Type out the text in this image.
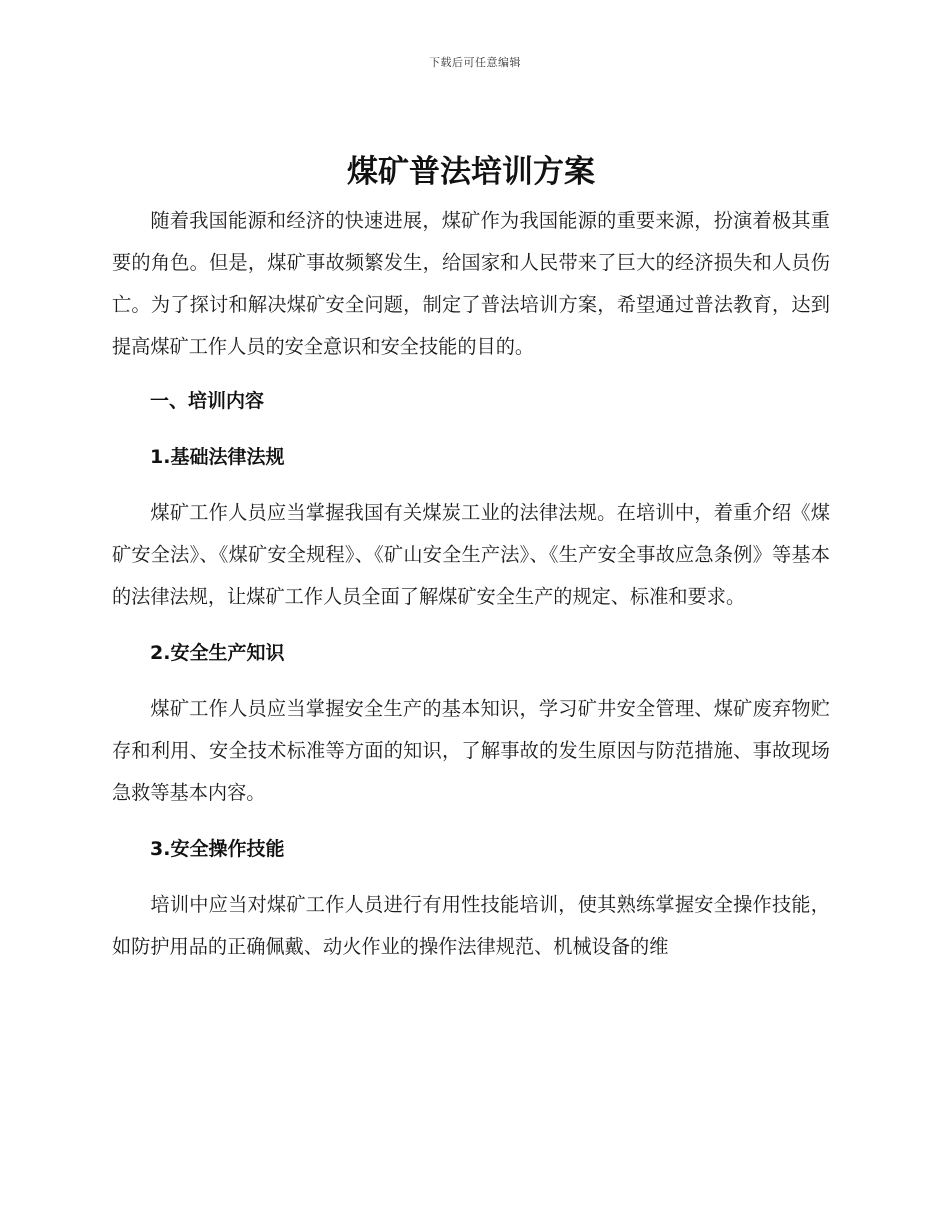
下载后可任意编辑
煤矿普法培训方案

随着我国能源和经济的快速进展，煤矿作为我国能源的重要来源，扮演着极其重要的角色。但是，煤矿事故频繁发生，给国家和人民带来了巨大的经济损失和人员伤亡。为了探讨和解决煤矿安全问题，制定了普法培训方案，希望通过普法教育，达到提高煤矿工作人员的安全意识和安全技能的目的。

一、培训内容
1.基础法律法规

煤矿工作人员应当掌握我国有关煤炭工业的法律法规。在培训中，着重介绍《煤矿安全法》、《煤矿安全规程》、《矿山安全生产法》、《生产安全事故应急条例》等基本的法律法规，让煤矿工作人员全面了解煤矿安全生产的规定、标准和要求。

2.安全生产知识

煤矿工作人员应当掌握安全生产的基本知识，学习矿井安全管理、煤矿废弃物贮存和利用、安全技术标准等方面的知识，了解事故的发生原因与防范措施、事故现场急救等基本内容。

3.安全操作技能

培训中应当对煤矿工作人员进行有用性技能培训，使其熟练掌握安全操作技能，如防护用品的正确佩戴、动火作业的操作法律规范、机械设备的维
